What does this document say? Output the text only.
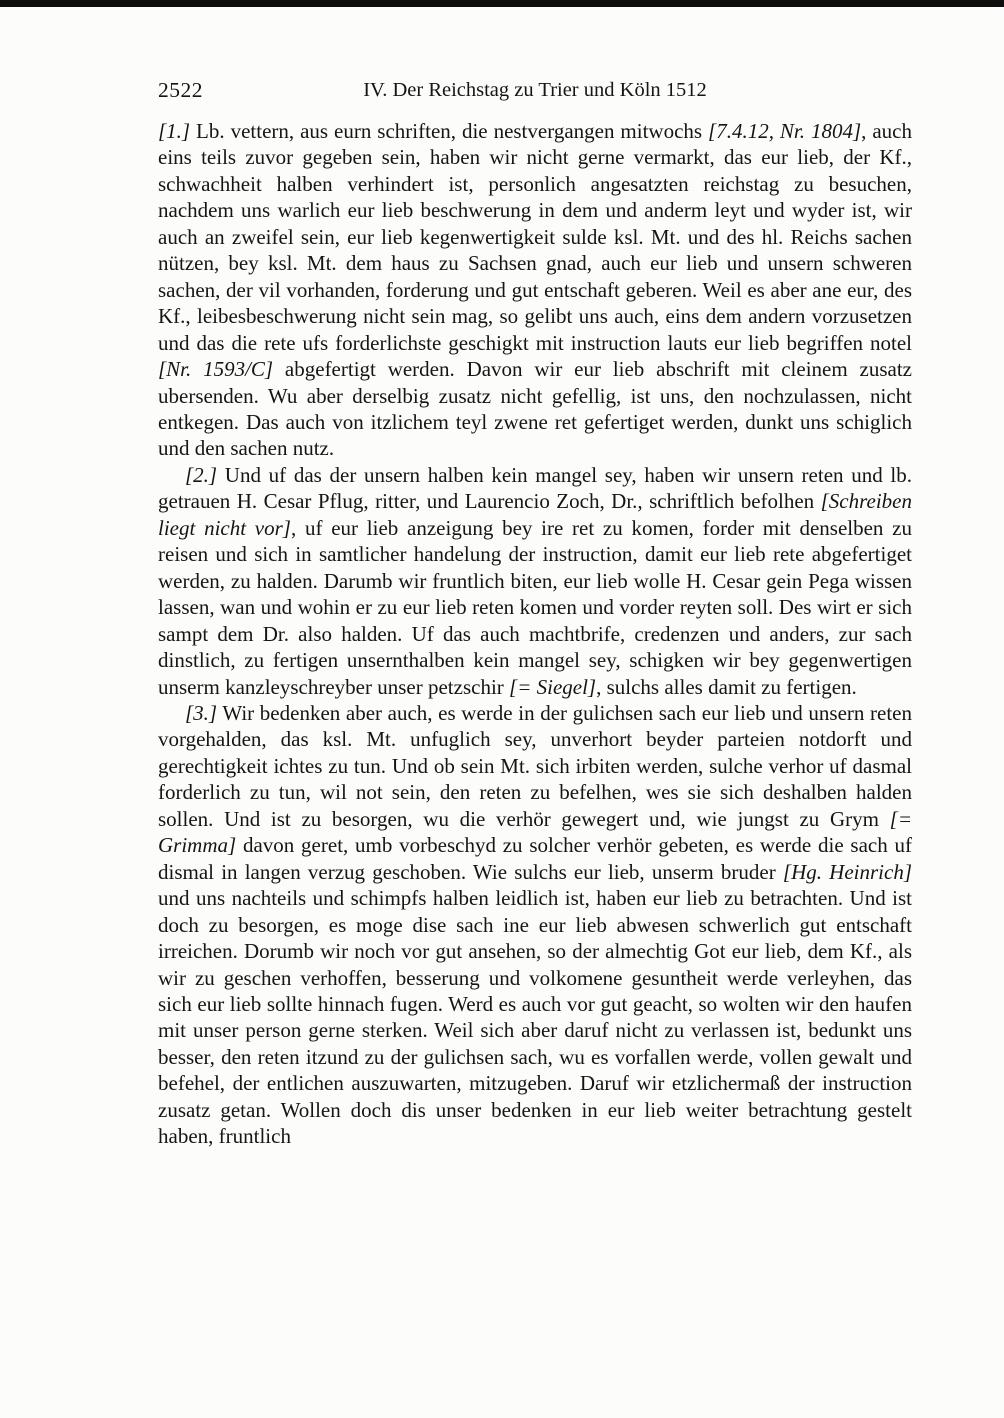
2522	IV. Der Reichstag zu Trier und Köln 1512

[1.] Lb. vettern, aus eurn schriften, die nestvergangen mitwochs [7.4.12, Nr. 1804], auch eins teils zuvor gegeben sein, haben wir nicht gerne vermarkt, das eur lieb, der Kf., schwachheit halben verhindert ist, personlich angesatzten reichstag zu besuchen, nachdem uns warlich eur lieb beschwerung in dem und anderm leyt und wyder ist, wir auch an zweifel sein, eur lieb kegenwertigkeit sulde ksl. Mt. und des hl. Reichs sachen nützen, bey ksl. Mt. dem haus zu Sachsen gnad, auch eur lieb und unsern schweren sachen, der vil vorhanden, forderung und gut entschaft geberen. Weil es aber ane eur, des Kf., leibesbeschwerung nicht sein mag, so gelibt uns auch, eins dem andern vorzusetzen und das die rete ufs forderlichste geschigkt mit instruction lauts eur lieb begriffen notel [Nr. 1593/C] abgefertigt werden. Davon wir eur lieb abschrift mit cleinem zusatz ubersenden. Wu aber derselbig zusatz nicht gefellig, ist uns, den nochzulassen, nicht entkegen. Das auch von itzlichem teyl zwene ret gefertiget werden, dunkt uns schiglich und den sachen nutz.

[2.] Und uf das der unsern halben kein mangel sey, haben wir unsern reten und lb. getrauen H. Cesar Pflug, ritter, und Laurencio Zoch, Dr., schriftlich befolhen [Schreiben liegt nicht vor], uf eur lieb anzeigung bey ire ret zu komen, forder mit denselben zu reisen und sich in samtlicher handelung der instruction, damit eur lieb rete abgefertiget werden, zu halden. Darumb wir fruntlich biten, eur lieb wolle H. Cesar gein Pega wissen lassen, wan und wohin er zu eur lieb reten komen und vorder reyten soll. Des wirt er sich sampt dem Dr. also halden. Uf das auch machtbrife, credenzen und anders, zur sach dinstlich, zu fertigen unsernthalben kein mangel sey, schigken wir bey gegenwertigen unserm kanzleyschreyber unser petzschir [= Siegel], sulchs alles damit zu fertigen.

[3.] Wir bedenken aber auch, es werde in der gulichsen sach eur lieb und unsern reten vorgehalden, das ksl. Mt. unfuglich sey, unverhort beyder parteien notdorft und gerechtigkeit ichtes zu tun. Und ob sein Mt. sich irbiten werden, sulche verhor uf dasmal forderlich zu tun, wil not sein, den reten zu befelhen, wes sie sich deshalben halden sollen. Und ist zu besorgen, wu die verhör gewegert und, wie jungst zu Grym [= Grimma] davon geret, umb vorbeschyd zu solcher verhör gebeten, es werde die sach uf dismal in langen verzug geschoben. Wie sulchs eur lieb, unserm bruder [Hg. Heinrich] und uns nachteils und schimpfs halben leidlich ist, haben eur lieb zu betrachten. Und ist doch zu besorgen, es moge dise sach ine eur lieb abwesen schwerlich gut entschaft irreichen. Dorumb wir noch vor gut ansehen, so der almechtig Got eur lieb, dem Kf., als wir zu geschen verhoffen, besserung und volkomene gesuntheit werde verleyhen, das sich eur lieb sollte hinnach fugen. Werd es auch vor gut geacht, so wolten wir den haufen mit unser person gerne sterken. Weil sich aber daruf nicht zu verlassen ist, bedunkt uns besser, den reten itzund zu der gulichsen sach, wu es vorfallen werde, vollen gewalt und befehel, der entlichen auszuwarten, mitzugeben. Daruf wir etzlichermaß der instruction zusatz getan. Wollen doch dis unser bedenken in eur lieb weiter betrachtung gestelt haben, fruntlich
